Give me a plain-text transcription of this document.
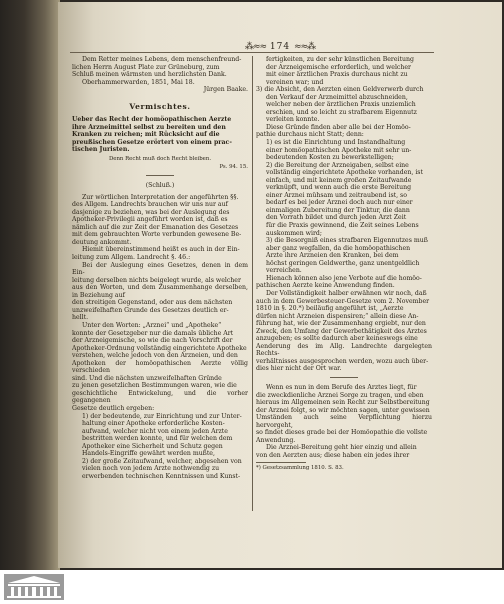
⁂≈≈ 174 ≈≈⁂

Dem Retter meines Lebens, dem menschenfreund-

lichen Herrn August Plate zur Grüneburg, zum

Schluß meinen wärmsten und herzlichsten Dank.

Oberhammerwarden, 1851, Mai 18.

Jürgen Baake.

Vermischtes.

Ueber das Recht der homöopathischen Aerzte

ihre Arzneimittel selbst zu bereiten und den

Kranken zu reichen; mit Rücksicht auf die

preußischen Gesetze erörtert von einem prac-

tischen Juristen.

Denn Recht muß doch Recht bleiben.

Ps. 94. 15.

(Schluß.)

Zur wörtlichen Interpretation der angeführten §§.

des Allgem. Landrechts brauchen wir uns nur auf

dasjenige zu beziehen, was bei der Auslegung des

Apotheker-Privilegii angeführt worden ist, daß es

nämlich auf die zur Zeit der Emanation des Gesetzes

mit dem gebrauchten Worte verbunden gewesene Be-

deutung ankommt.

Hiemit übereinstimmend heißt es auch in der Ein-

leitung zum Allgem. Landrecht §. 46.:

Bei der Auslegung eines Gesetzes, denen in dem Ein-

leitung derselben nichts beigelegt wurde, als welcher

aus den Worten, und dem Zusammenhange derselben, in Beziehung auf

den streitigen Gegenstand, oder aus dem nächsten

unzweifelhaften Grunde des Gesetzes deutlich er-

hellt.

Unter den Worten: „Arznei“ und „Apotheke“

konnte der Gesetzgeber nur die damals übliche Art

der Arzneigemische, so wie die nach Vorschrift der

Apotheker-Ordnung vollständig eingerichtete Apotheke

verstehen, welche jedoch von den Arzneien, und den

Apotheken der homöopathischen Aerzte völlig verschieden

sind. Und die nächsten unzweifelhaften Gründe

zu jenen gesetzlichen Bestimmungen waren, wie die

geschichtliche Entwickelung, und die vorher gegangenen

Gesetze deutlich ergeben:

1) der bedeutende, zur Einrichtung und zur Unter-

haltung einer Apotheke erforderliche Kosten-

aufwand, welcher nicht von einem jeden Arzte

bestritten werden konnte, und für welchen dem

Apotheker eine Sicherheit und Schutz gegen

Handels-Eingriffe gewährt werden mußte,

2) der große Zeitaufwand, welcher, abgesehen von

vielen noch von jedem Arzte nothwendig zu

erwerbenden technischen Kenntnissen und Kunst-

fertigkeiten, zu der sehr künstlichen Bereitung

der Arzneigemische erforderlich, und welcher

mit einer ärztlichen Praxis durchaus nicht zu

vereinen war; und

3) die Absicht, den Aerzten einen Geldverwerb durch

den Verkauf der Arzneimittel abzuschneiden,

welcher neben der ärztlichen Praxis unziemlich

erschien, und so leicht zu strafbarem Eigennutz

verleiten konnte.

Diese Gründe finden aber alle bei der Homöo-

pathie durchaus nicht Statt; denn:

1) es ist die Einrichtung und Instandhaltung

einer homöopathischen Apotheke mit sehr un-

bedeutenden Kosten zu bewerkstelligen;

2) die Bereitung der Arzneigaben, selbst eine

vollständig eingerichtete Apotheke vorhanden, ist

einfach, und mit keinem großen Zeitaufwande

verknüpft, und wenn auch die erste Bereitung

einer Arznei mühsam und zeitraubend ist, so

bedarf es bei jeder Arznei doch auch nur einer

einmaligen Zubereitung der Tinktur, die dann

den Vorrath bildet und durch jeden Arzt Zeit

für die Praxis gewinnend, die Zeit seines Lebens

auskommen wird;

3) die Besorgniß eines strafbaren Eigennutzes muß

aber ganz wegfallen, da die homöopathischen

Arzte ihre Arzneien den Kranken, bei dem

höchst geringen Geldwerthe, ganz unentgeldlich

verreichen.

Hienach können also jene Verbote auf die homöo-

pathischen Aerzte keine Anwendung finden.

Der Vollständigkeit halber erwähnen wir noch, daß

auch in dem Gewerbesteuer-Gesetze vom 2. November

1810 in §. 20.*) beiläufig angeführt ist, „Aerzte

dürfen nicht Arzneien dispensiren;“ allein diese An-

führung hat, wie der Zusammenhang ergiebt, nur den

Zweck, den Umfang der Gewerbethätigkeit des Arztes

anzugeben; es sollte dadurch aber keineswegs eine

Aenderung des im Allg. Landrechte dargelegten Rechts-

verhältnisses ausgesprochen werden, wozu auch über-

dies hier nicht der Ort war.

Wenn es nun in dem Berufe des Arztes liegt, für

die zweckdienliche Arznei Sorge zu tragen, und eben

hieraus im Allgemeinen sein Recht zur Selbstbereitung

der Arznei folgt, so wir möchten sagen, unter gewissen

Umständen auch seine Verpflichtung hierzu hervorgeht,

so findet dieses grade bei der Homöopathie die vollste

Anwendung.

Die Arznei-Bereitung geht hier einzig und allein

von den Aerzten aus; diese haben ein jedes ihrer

*) Gesetzsammlung 1810. S. 83.
